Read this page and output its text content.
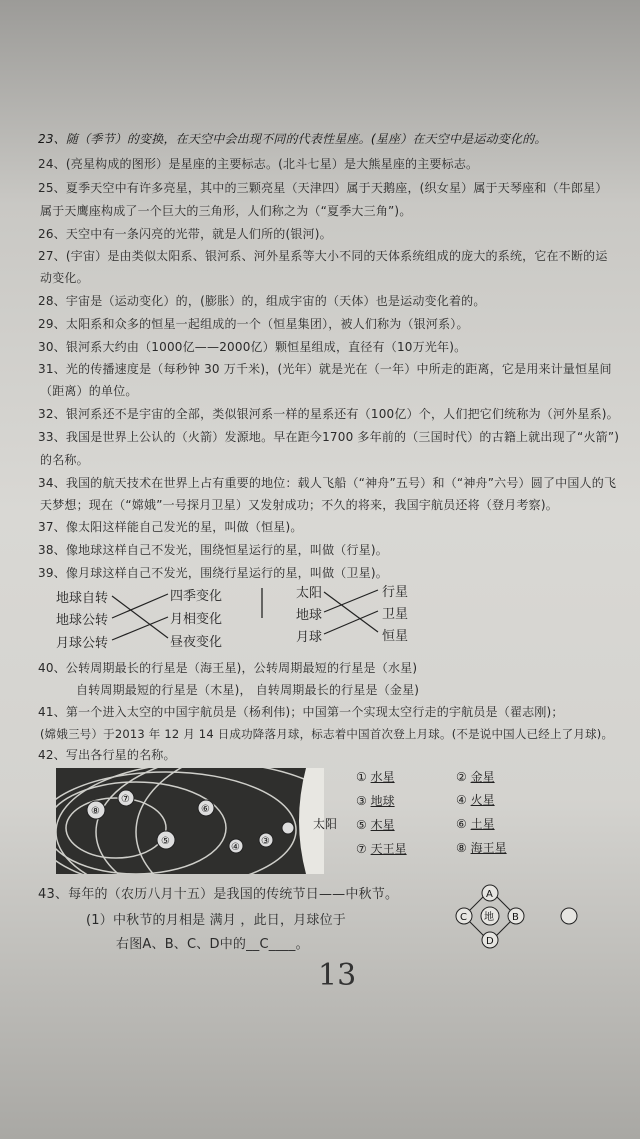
23、随（季节）的变换，在天空中会出现不同的代表性星座。(星座）在天空中是运动变化的。
24、(亮星构成的图形）是星座的主要标志。(北斗七星）是大熊星座的主要标志。
25、夏季天空中有许多亮星，其中的三颗亮星（天津四）属于天鹅座，(织女星）属于天琴座和（牛郎星）
属于天鹰座构成了一个巨大的三角形，人们称之为（“夏季大三角”)。
26、天空中有一条闪亮的光带，就是人们所的(银河)。
27、(宇宙）是由类似太阳系、银河系、河外星系等大小不同的天体系统组成的庞大的系统，它在不断的运
动变化。
28、宇宙是（运动变化）的，(膨胀）的，组成宇宙的（天体）也是运动变化着的。
29、太阳系和众多的恒星一起组成的一个（恒星集团），被人们称为（银河系）。
30、银河系大约由（1000亿——2000亿）颗恒星组成，直径有（10万光年)。
31、光的传播速度是（每秒钟 30 万千米)，(光年）就是光在（一年）中所走的距离，它是用来计量恒星间
（距离）的单位。
32、银河系还不是宇宙的全部，类似银河系一样的星系还有（100亿）个，人们把它们统称为（河外星系)。
33、我国是世界上公认的（火箭）发源地。早在距今1700 多年前的（三国时代）的古籍上就出现了“火箭”)
的名称。
34、我国的航天技术在世界上占有重要的地位：载人飞船（“神舟”五号）和（“神舟”六号）圆了中国人的飞
天梦想；现在（“嫦娥”一号探月卫星）又发射成功；不久的将来，我国宇航员还将（登月考察)。
37、像太阳这样能自己发光的星，叫做（恒星)。
38、像地球这样自己不发光，围绕恒星运行的星，叫做（行星)。
39、像月球这样自己不发光，围绕行星运行的星，叫做（卫星)。
地球自转
地球公转
月球公转
四季变化
月相变化
昼夜变化
太阳
地球
月球
行星
卫星
恒星
40、公转周期最长的行星是（海王星)，公转周期最短的行星是（水星)
自转周期最短的行星是（木星)， 自转周期最长的行星是（金星)
41、第一个进入太空的中国宇航员是（杨利伟)；中国第一个实现太空行走的宇航员是（翟志刚)；
(嫦娥三号）于2013 年 12 月 14 日成功降落月球，标志着中国首次登上月球。(不是说中国人已经上了月球)。
42、写出各行星的名称。
⑧
⑦
⑤
⑥
④
③
太阳
① 水星	② 金星
③ 地球	④ 火星
⑤ 木星	⑥ 土星
⑦ 天王星	⑧ 海王星
43、每年的（农历八月十五）是我国的传统节日——中秋节。
(1）中秋节的月相是 满月 ，此日，月球位于
右图A、B、C、D中的__C____。
A
B
C
D
地
13
